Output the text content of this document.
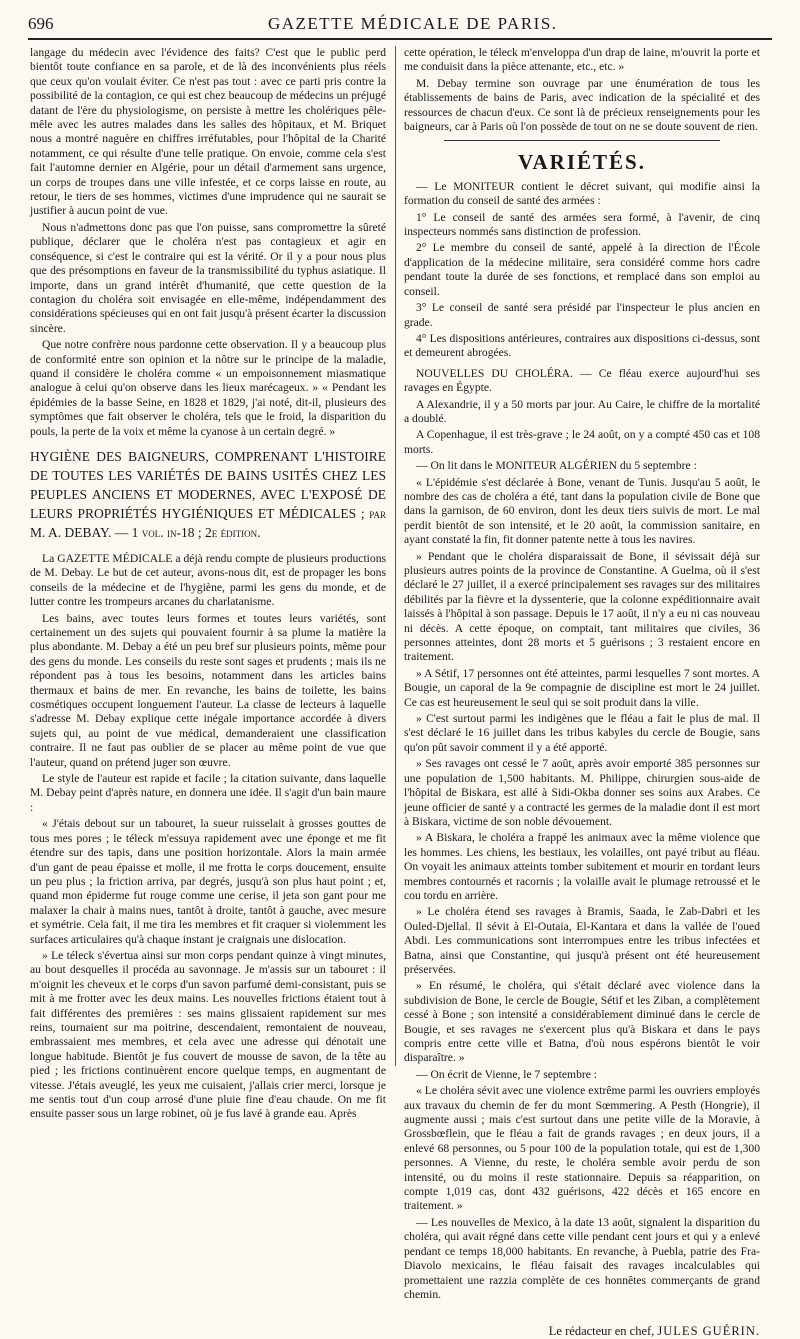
696	GAZETTE MÉDICALE DE PARIS.

langage du médecin avec l'évidence des faits? C'est que le public perd bientôt toute confiance en sa parole, et de là des inconvénients plus réels que ceux qu'on voulait éviter. Ce n'est pas tout : avec ce parti pris contre la possibilité de la contagion, ce qui est chez beaucoup de médecins un préjugé datant de l'ère du physiologisme, on persiste à mettre les cholériques pêle-mêle avec les autres malades dans les salles des hôpitaux, et M. Briquet nous a montré naguère en chiffres irréfutables, pour l'hôpital de la Charité notamment, ce qui résulte d'une telle pratique. On envoie, comme cela s'est fait l'automne dernier en Algérie, pour un détail d'armement sans urgence, un corps de troupes dans une ville infestée, et ce corps laisse en route, au retour, le tiers de ses hommes, victimes d'une imprudence qui ne saurait se justifier à aucun point de vue.

Nous n'admettons donc pas que l'on puisse, sans compromettre la sûreté publique, déclarer que le choléra n'est pas contagieux et agir en conséquence, si c'est le contraire qui est la vérité. Or il y a pour nous plus que des présomptions en faveur de la transmissibilité du typhus asiatique. Il importe, dans un grand intérêt d'humanité, que cette question de la contagion du choléra soit envisagée en elle-même, indépendamment des considérations spécieuses qui en ont fait jusqu'à présent écarter la discussion sincère.

Que notre confrère nous pardonne cette observation. Il y a beaucoup plus de conformité entre son opinion et la nôtre sur le principe de la maladie, quand il considère le choléra comme « un empoisonnement miasmatique analogue à celui qu'on observe dans les lieux marécageux. » « Pendant les épidémies de la basse Seine, en 1828 et 1829, j'ai noté, dit-il, plusieurs des symptômes que fait observer le choléra, tels que le froid, la disparition du pouls, la perte de la voix et même la cyanose à un certain degré. »

HYGIÈNE DES BAIGNEURS, COMPRENANT L'HISTOIRE DE TOUTES LES VARIÉTÉS DE BAINS USITÉS CHEZ LES PEUPLES ANCIENS ET MODERNES, AVEC L'EXPOSÉ DE LEURS PROPRIÉTÉS HYGIÉNIQUES ET MÉDICALES ; par M. A. DEBAY. — 1 vol. in-18 ; 2e édition.

La GAZETTE MÉDICALE a déjà rendu compte de plusieurs productions de M. Debay. Le but de cet auteur, avons-nous dit, est de propager les bons conseils de la médecine et de l'hygiène, parmi les gens du monde, et de lutter contre les trompeurs arcanes du charlatanisme.

Les bains, avec toutes leurs formes et toutes leurs variétés, sont certainement un des sujets qui pouvaient fournir à sa plume la matière la plus abondante. M. Debay a été un peu bref sur plusieurs points, même pour des gens du monde. Les conseils du reste sont sages et prudents ; mais ils ne répondent pas à tous les besoins, notamment dans les articles bains thermaux et bains de mer. En revanche, les bains de toilette, les bains cosmétiques occupent longuement l'auteur. La classe de lecteurs à laquelle s'adresse M. Debay explique cette inégale importance accordée à divers sujets qui, au point de vue médical, demanderaient une classification contraire. Il ne faut pas oublier de se placer au même point de vue que l'auteur, quand on prétend juger son œuvre.

Le style de l'auteur est rapide et facile ; la citation suivante, dans laquelle M. Debay peint d'après nature, en donnera une idée. Il s'agit d'un bain maure :

« J'étais debout sur un tabouret, la sueur ruisselait à grosses gouttes de tous mes pores ; le téleck m'essuya rapidement avec une éponge et me fit étendre sur des tapis, dans une position horizontale. Alors la main armée d'un gant de peau épaisse et molle, il me frotta le corps doucement, ensuite un peu plus ; la friction arriva, par degrés, jusqu'à son plus haut point ; et, quand mon épiderme fut rouge comme une cerise, il jeta son gant pour me malaxer la chair à mains nues, tantôt à droite, tantôt à gauche, avec mesure et symétrie. Cela fait, il me tira les membres et fit craquer si violemment les surfaces articulaires qu'à chaque instant je craignais une dislocation.

» Le téleck s'évertua ainsi sur mon corps pendant quinze à vingt minutes, au bout desquelles il procéda au savonnage. Je m'assis sur un tabouret : il m'oignit les cheveux et le corps d'un savon parfumé demi-consistant, puis se mit à me frotter avec les deux mains. Les nouvelles frictions étaient tout à fait différentes des premières : ses mains glissaient rapidement sur mes reins, tournaient sur ma poitrine, descendaient, remontaient de nouveau, embrassaient mes membres, et cela avec une adresse qui dénotait une longue habitude. Bientôt je fus couvert de mousse de savon, de la tête au pied ; les frictions continuèrent encore quelque temps, en augmentant de vitesse. J'étais aveuglé, les yeux me cuisaient, j'allais crier merci, lorsque je me sentis tout d'un coup arrosé d'une pluie fine d'eau chaude. On me fit ensuite passer sous un large robinet, où je fus lavé à grande eau. Après

cette opération, le téleck m'enveloppa d'un drap de laine, m'ouvrit la porte et me conduisit dans la pièce attenante, etc., etc. »

M. Debay termine son ouvrage par une énumération de tous les établissements de bains de Paris, avec indication de la spécialité et des ressources de chacun d'eux. Ce sont là de précieux renseignements pour les baigneurs, car à Paris où l'on possède de tout on ne se doute souvent de rien.

VARIÉTÉS.

— Le MONITEUR contient le décret suivant, qui modifie ainsi la formation du conseil de santé des armées :

1° Le conseil de santé des armées sera formé, à l'avenir, de cinq inspecteurs nommés sans distinction de profession.

2° Le membre du conseil de santé, appelé à la direction de l'École d'application de la médecine militaire, sera considéré comme hors cadre pendant toute la durée de ses fonctions, et remplacé dans son emploi au conseil.

3° Le conseil de santé sera présidé par l'inspecteur le plus ancien en grade.

4° Les dispositions antérieures, contraires aux dispositions ci-dessus, sont et demeurent abrogées.

NOUVELLES DU CHOLÉRA. — Ce fléau exerce aujourd'hui ses ravages en Égypte.

A Alexandrie, il y a 50 morts par jour. Au Caire, le chiffre de la mortalité a doublé.

A Copenhague, il est très-grave ; le 24 août, on y a compté 450 cas et 108 morts.

— On lit dans le MONITEUR ALGÉRIEN du 5 septembre :

« L'épidémie s'est déclarée à Bone, venant de Tunis. Jusqu'au 5 août, le nombre des cas de choléra a été, tant dans la population civile de Bone que dans la garnison, de 60 environ, dont les deux tiers suivis de mort. Le mal perdit bientôt de son intensité, et le 20 août, la commission sanitaire, en ayant constaté la fin, fit donner patente nette à tous les navires.

» Pendant que le choléra disparaissait de Bone, il sévissait déjà sur plusieurs autres points de la province de Constantine. A Guelma, où il s'est déclaré le 27 juillet, il a exercé principalement ses ravages sur des militaires débilités par la fièvre et la dyssenterie, que la colonne expéditionnaire avait laissés à l'hôpital à son passage. Depuis le 17 août, il n'y a eu ni cas nouveau ni décès. A cette époque, on comptait, tant militaires que civiles, 36 personnes atteintes, dont 28 morts et 5 guérisons ; 3 restaient encore en traitement.

» A Sétif, 17 personnes ont été atteintes, parmi lesquelles 7 sont mortes. A Bougie, un caporal de la 9e compagnie de discipline est mort le 24 juillet. Ce cas est heureusement le seul qui se soit produit dans la ville.

» C'est surtout parmi les indigènes que le fléau a fait le plus de mal. Il s'est déclaré le 16 juillet dans les tribus kabyles du cercle de Bougie, sans qu'on pût savoir comment il y a été apporté.

» Ses ravages ont cessé le 7 août, après avoir emporté 385 personnes sur une population de 1,500 habitants. M. Philippe, chirurgien sous-aide de l'hôpital de Biskara, est allé à Sidi-Okba donner ses soins aux Arabes. Ce jeune officier de santé y a contracté les germes de la maladie dont il est mort à Biskara, victime de son noble dévouement.

» A Biskara, le choléra a frappé les animaux avec la même violence que les hommes. Les chiens, les bestiaux, les volailles, ont payé tribut au fléau. On voyait les animaux atteints tomber subitement et mourir en tordant leurs membres contournés et racornis ; la volaille avait le plumage retroussé et le cou tordu en arrière.

» Le choléra étend ses ravages à Bramis, Saada, le Zab-Dabri et les Ouled-Djellal. Il sévit à El-Outaia, El-Kantara et dans la vallée de l'oued Abdi. Les communications sont interrompues entre les tribus infectées et Batna, ainsi que Constantine, qui jusqu'à présent ont été heureusement préservées.

» En résumé, le choléra, qui s'était déclaré avec violence dans la subdivision de Bone, le cercle de Bougie, Sétif et les Ziban, a complètement cessé à Bone ; son intensité a considérablement diminué dans le cercle de Bougie, et ses ravages ne s'exercent plus qu'à Biskara et dans le pays compris entre cette ville et Batna, d'où nous espérons bientôt le voir disparaître. »

— On écrit de Vienne, le 7 septembre :

« Le choléra sévit avec une violence extrême parmi les ouvriers employés aux travaux du chemin de fer du mont Sœmmering. A Pesth (Hongrie), il augmente aussi ; mais c'est surtout dans une petite ville de la Moravie, à Grossbœflein, que le fléau a fait de grands ravages ; en deux jours, il a enlevé 68 personnes, ou 5 pour 100 de la population totale, qui est de 1,300 personnes. A Vienne, du reste, le choléra semble avoir perdu de son intensité, ou du moins il reste stationnaire. Depuis sa réapparition, on compte 1,019 cas, dont 432 guérisons, 422 décès et 165 encore en traitement. »

— Les nouvelles de Mexico, à la date 13 août, signalent la disparition du choléra, qui avait régné dans cette ville pendant cent jours et qui y a enlevé pendant ce temps 18,000 habitants. En revanche, à Puebla, patrie des Fra-Diavolo mexicains, le fléau faisait des ravages incalculables qui promettaient une razzia complète de ces honnêtes commerçants de grand chemin.

Le rédacteur en chef, JULES GUÉRIN.
